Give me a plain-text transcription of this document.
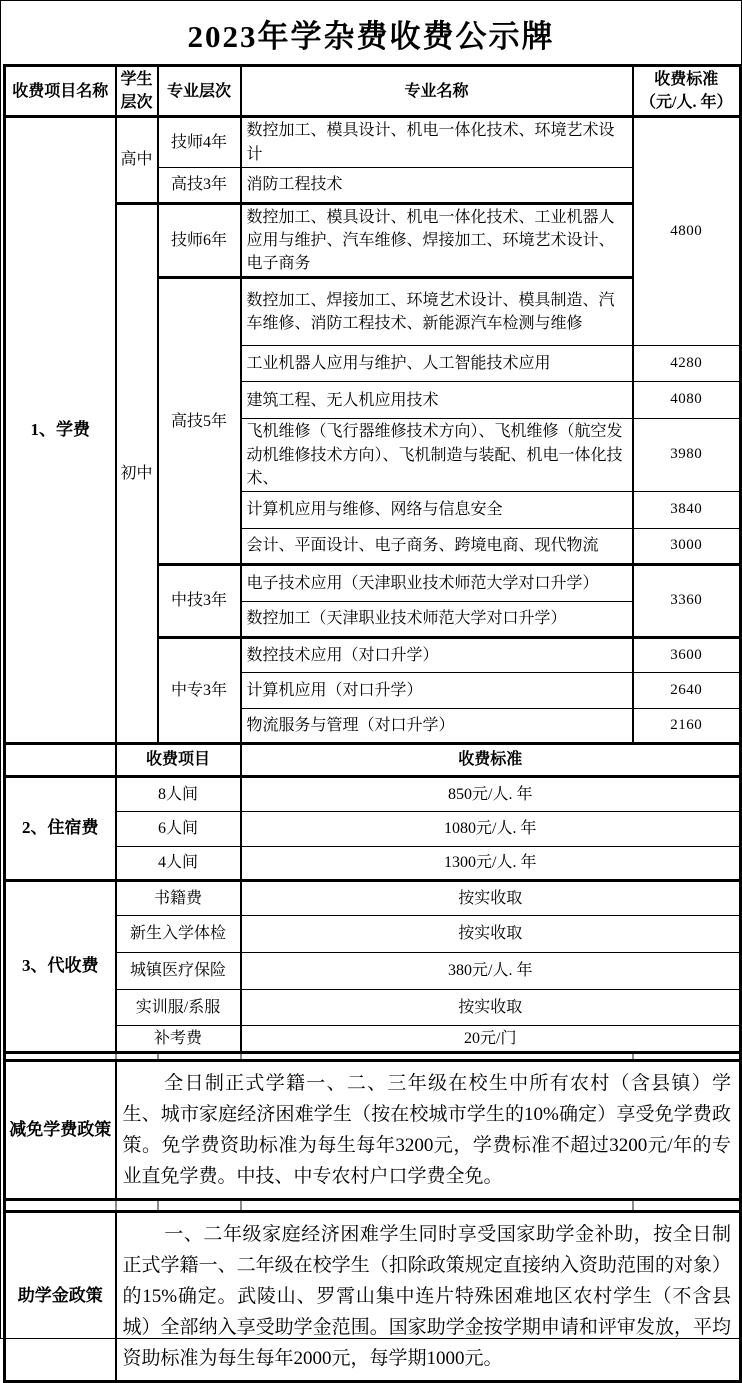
2023年学杂费收费公示牌
收费项目名称	学生层次	专业层次	专业名称	收费标准（元/人. 年）
1、学费	高中	技师4年	数控加工、模具设计、机电一体化技术、环境艺术设计	4800
		高技3年	消防工程技术	
	初中	技师6年	数控加工、模具设计、机电一体化技术、工业机器人应用与维护、汽车维修、焊接加工、环境艺术设计、电子商务	
		高技5年	数控加工、焊接加工、环境艺术设计、模具制造、汽车维修、消防工程技术、新能源汽车检测与维修	
			工业机器人应用与维护、人工智能技术应用	4280
			建筑工程、无人机应用技术	4080
			飞机维修（飞行器维修技术方向）、飞机维修（航空发动机维修技术方向）、飞机制造与装配、机电一体化技术、	3980
			计算机应用与维修、网络与信息安全	3840
			会计、平面设计、电子商务、跨境电商、现代物流	3000
		中技3年	电子技术应用（天津职业技术师范大学对口升学）	3360
			数控加工（天津职业技术师范大学对口升学）	
		中专3年	数控技术应用（对口升学）	3600
			计算机应用（对口升学）	2640
			物流服务与管理（对口升学）	2160
	收费项目		收费标准	
2、住宿费	8人间		850元/人. 年	
	6人间		1080元/人. 年	
	4人间		1300元/人. 年	
3、代收费	书籍费		按实收取	
	新生入学体检		按实收取	
	城镇医疗保险		380元/人. 年	
	实训服/系服		按实收取	
	补考费		20元/门	

减免学费政策	全日制正式学籍一、二、三年级在校生中所有农村（含县镇）学生、城市家庭经济困难学生（按在校城市学生的10%确定）享受免学费政策。免学费资助标准为每生每年3200元，学费标准不超过3200元/年的专业直免学费。中技、中专农村户口学费全免。			

助学金政策	一、二年级家庭经济困难学生同时享受国家助学金补助，按全日制正式学籍一、二年级在校学生（扣除政策规定直接纳入资助范围的对象）的15%确定。武陵山、罗霄山集中连片特殊困难地区农村学生（不含县城）全部纳入享受助学金范围。国家助学金按学期申请和评审发放，平均资助标准为每生每年2000元，每学期1000元。			
